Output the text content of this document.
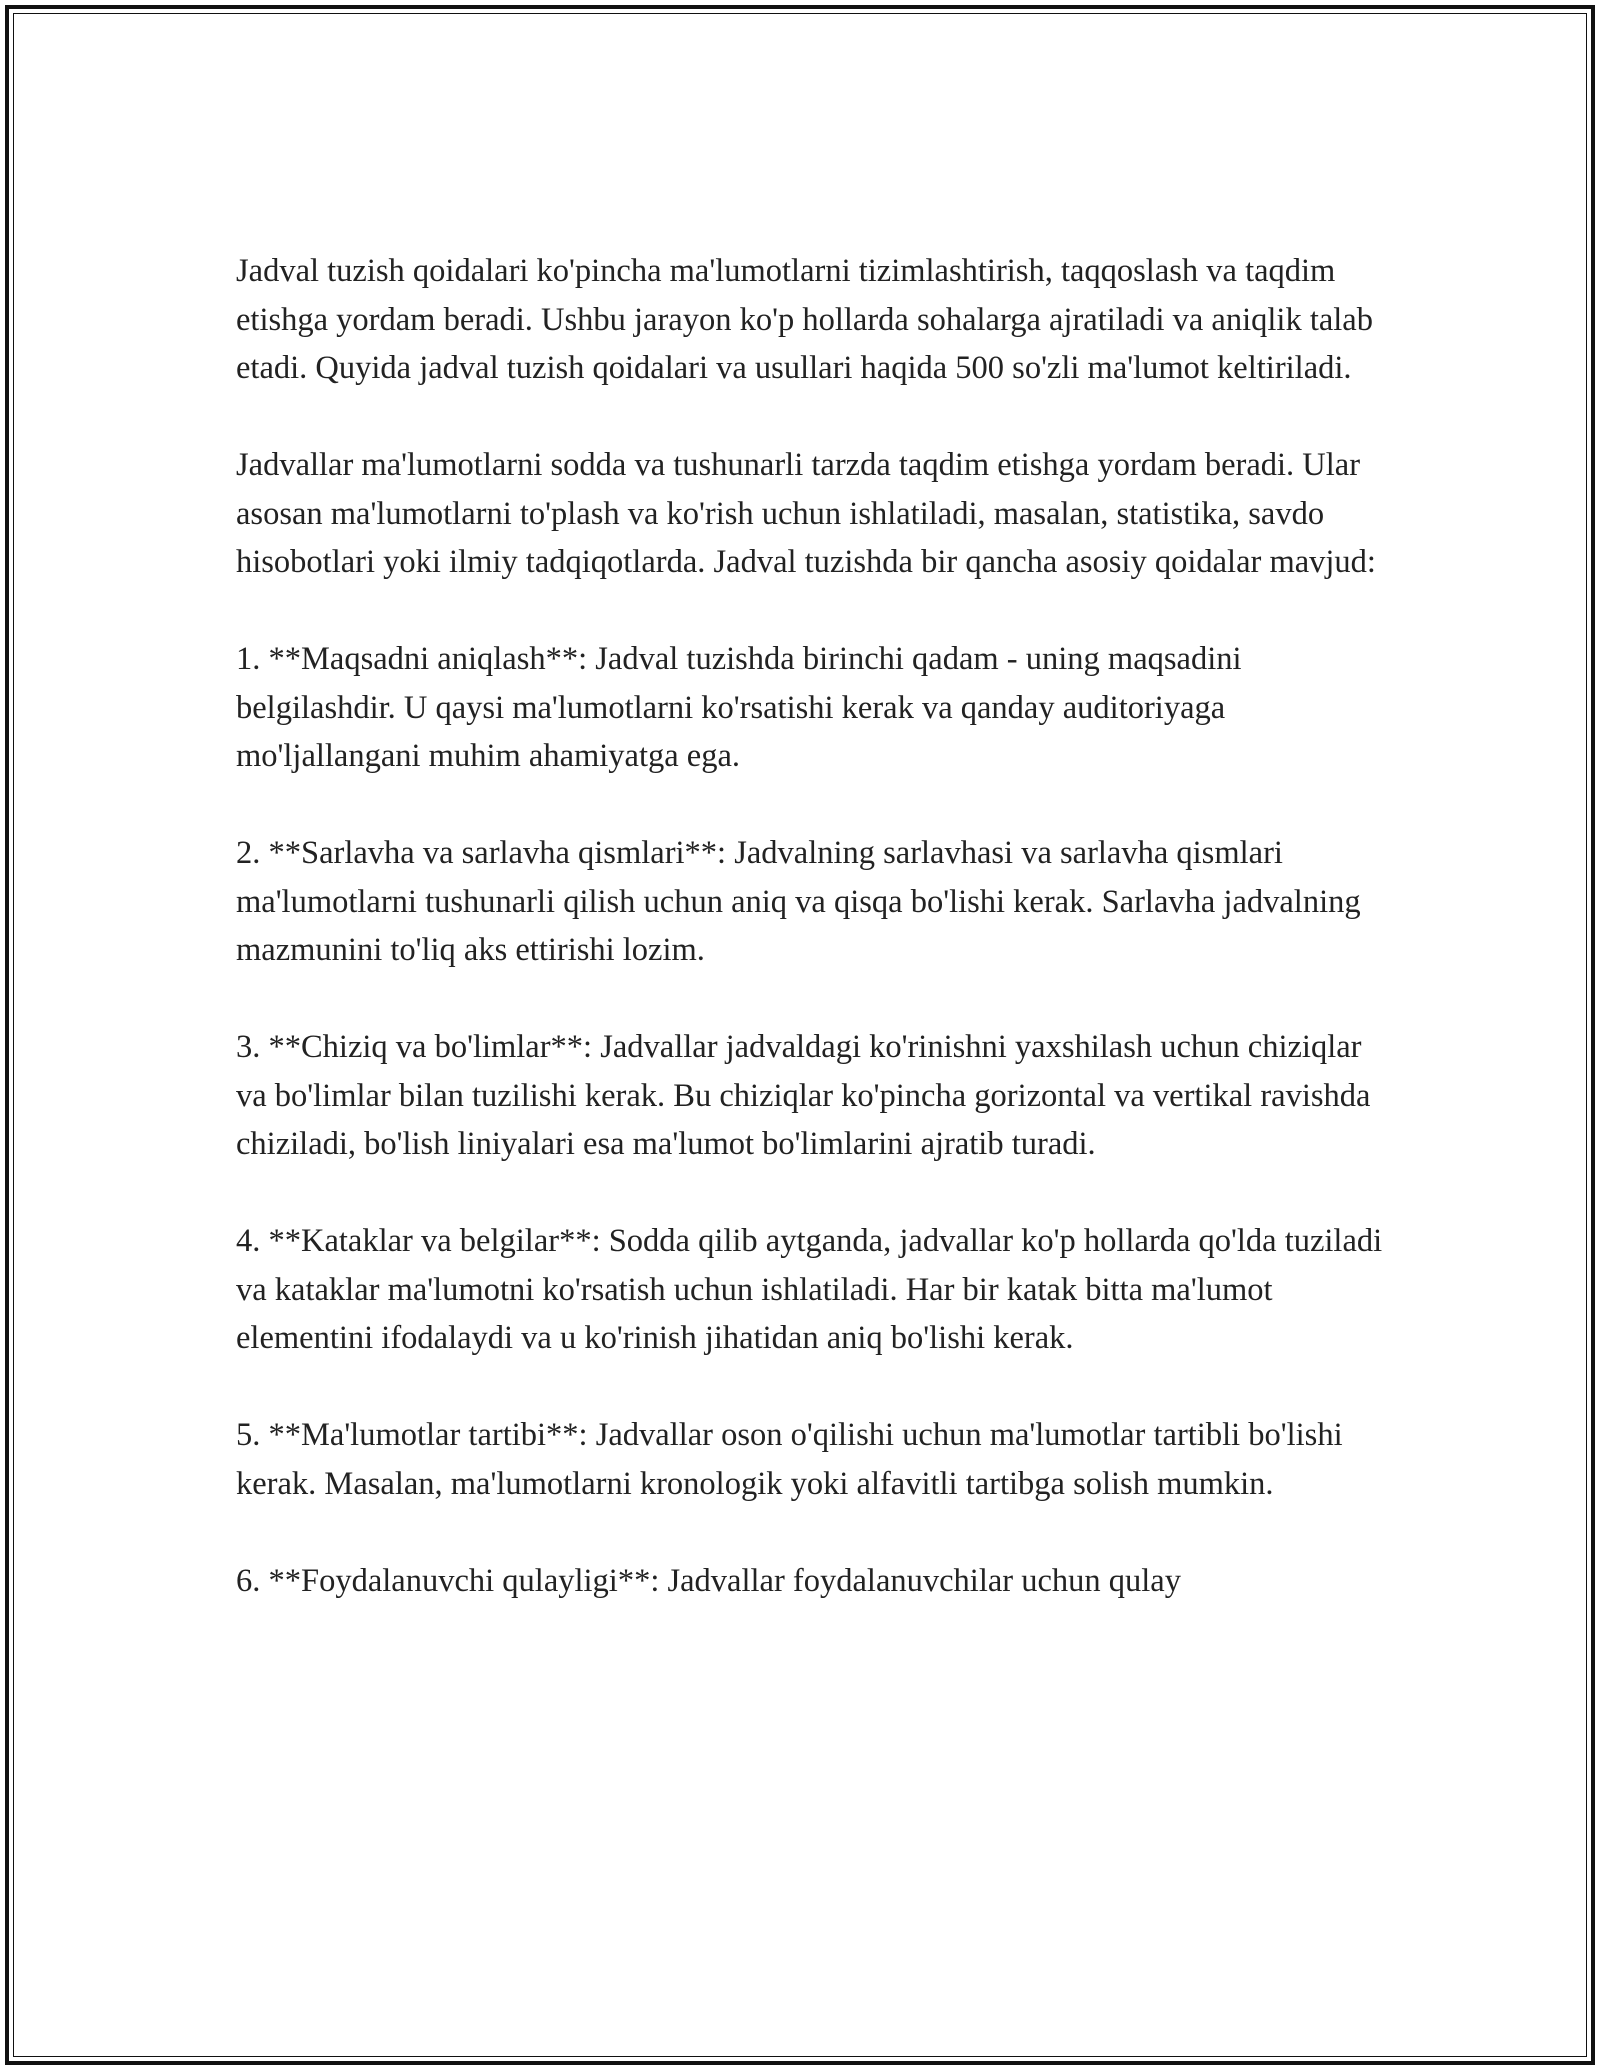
Jadval tuzish qoidalari ko'pincha ma'lumotlarni tizimlashtirish, taqqoslash va taqdim etishga yordam beradi. Ushbu jarayon ko'p hollarda sohalarga ajratiladi va aniqlik talab etadi. Quyida jadval tuzish qoidalari va usullari haqida 500 so'zli ma'lumot keltiriladi.

Jadvallar ma'lumotlarni sodda va tushunarli tarzda taqdim etishga yordam beradi. Ular asosan ma'lumotlarni to'plash va ko'rish uchun ishlatiladi, masalan, statistika, savdo hisobotlari yoki ilmiy tadqiqotlarda. Jadval tuzishda bir qancha asosiy qoidalar mavjud:

1. **Maqsadni aniqlash**: Jadval tuzishda birinchi qadam - uning maqsadini belgilashdir. U qaysi ma'lumotlarni ko'rsatishi kerak va qanday auditoriyaga mo'ljallangani muhim ahamiyatga ega.

2. **Sarlavha va sarlavha qismlari**: Jadvalning sarlavhasi va sarlavha qismlari ma'lumotlarni tushunarli qilish uchun aniq va qisqa bo'lishi kerak. Sarlavha jadvalning mazmunini to'liq aks ettirishi lozim.

3. **Chiziq va bo'limlar**: Jadvallar jadvaldagi ko'rinishni yaxshilash uchun chiziqlar va bo'limlar bilan tuzilishi kerak. Bu chiziqlar ko'pincha gorizontal va vertikal ravishda chiziladi, bo'lish liniyalari esa ma'lumot bo'limlarini ajratib turadi.

4. **Kataklar va belgilar**: Sodda qilib aytganda, jadvallar ko'p hollarda qo'lda tuziladi va kataklar ma'lumotni ko'rsatish uchun ishlatiladi. Har bir katak bitta ma'lumot elementini ifodalaydi va u ko'rinish jihatidan aniq bo'lishi kerak.

5. **Ma'lumotlar tartibi**: Jadvallar oson o'qilishi uchun ma'lumotlar tartibli bo'lishi kerak. Masalan, ma'lumotlarni kronologik yoki alfavitli tartibga solish mumkin.

6. **Foydalanuvchi qulayligi**: Jadvallar foydalanuvchilar uchun qulay
